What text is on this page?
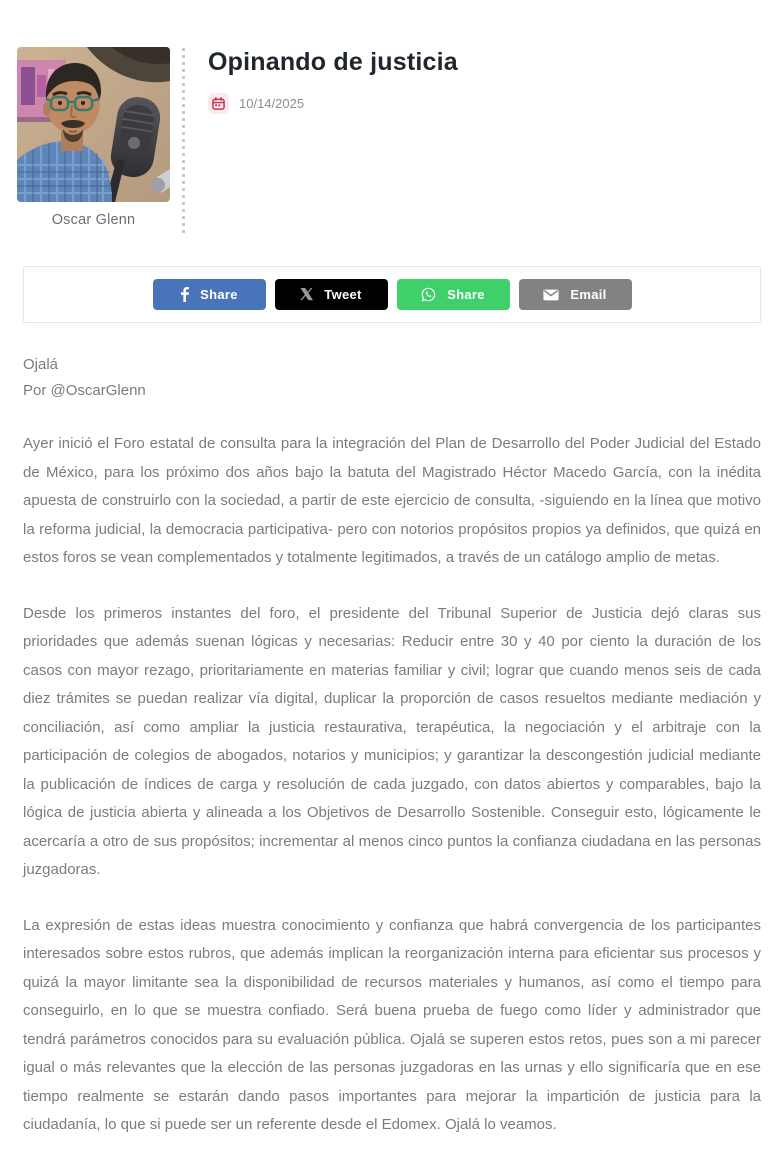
Oscar Glenn
Opinando de justicia
10/14/2025
Share	Tweet	Share	Email

Ojalá

Por @OscarGlenn

Ayer inició el Foro estatal de consulta para la integración del Plan de Desarrollo del Poder Judicial del Estado de México, para los próximo dos años bajo la batuta del Magistrado Héctor Macedo García, con la inédita apuesta de construirlo con la sociedad, a partir de este ejercicio de consulta, -siguiendo en la línea que motivo la reforma judicial, la democracia participativa- pero con notorios propósitos propios ya definidos, que quizá en estos foros se vean complementados y totalmente legitimados, a través de un catálogo amplio de metas.

Desde los primeros instantes del foro, el presidente del Tribunal Superior de Justicia dejó claras sus prioridades que además suenan lógicas y necesarias: Reducir entre 30 y 40 por ciento la duración de los casos con mayor rezago, prioritariamente en materias familiar y civil; lograr que cuando menos seis de cada diez trámites se puedan realizar vía digital, duplicar la proporción de casos resueltos mediante mediación y conciliación, así como ampliar la justicia restaurativa, terapéutica, la negociación y el arbitraje con la participación de colegios de abogados, notarios y municipios; y garantizar la descongestión judicial mediante la publicación de índices de carga y resolución de cada juzgado, con datos abiertos y comparables, bajo la lógica de justicia abierta y alineada a los Objetivos de Desarrollo Sostenible. Conseguir esto, lógicamente le acercaría a otro de sus propósitos; incrementar al menos cinco puntos la confianza ciudadana en las personas juzgadoras.

La expresión de estas ideas muestra conocimiento y confianza que habrá convergencia de los participantes interesados sobre estos rubros, que además implican la reorganización interna para eficientar sus procesos y quizá la mayor limitante sea la disponibilidad de recursos materiales y humanos, así como el tiempo para conseguirlo, en lo que se muestra confiado. Será buena prueba de fuego como líder y administrador que tendrá parámetros conocidos para su evaluación pública. Ojalá se superen estos retos, pues son a mi parecer igual o más relevantes que la elección de las personas juzgadoras en las urnas y ello significaría que en ese tiempo realmente se estarán dando pasos importantes para mejorar la impartición de justicia para la ciudadanía, lo que si puede ser un referente desde el Edomex. Ojalá lo veamos.
